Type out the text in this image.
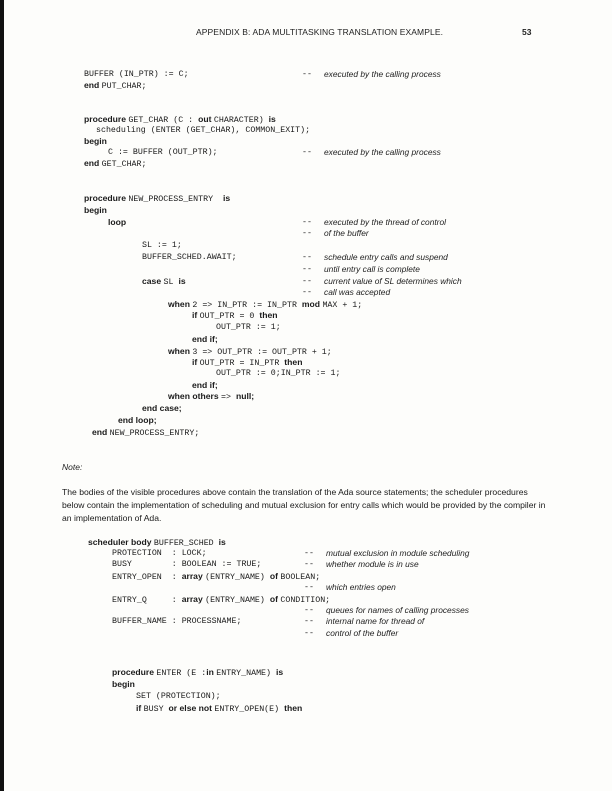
APPENDIX B: ADA MULTITASKING TRANSLATION EXAMPLE.	53
BUFFER (IN_PTR) := C;	-- executed by the calling process
end PUT_CHAR;
procedure GET_CHAR (C : out CHARACTER) is
scheduling (ENTER (GET_CHAR), COMMON_EXIT);
begin
C := BUFFER (OUT_PTR);	-- executed by the calling process
end GET_CHAR;
procedure NEW_PROCESS_ENTRY  is
begin
loop	-- executed by the thread of control
-- of the buffer
SL := 1;
BUFFER_SCHED.AWAIT;	-- schedule entry calls and suspend
-- until entry call is complete
case SL is	-- current value of SL determines which
-- call was accepted
when 2 => IN_PTR := IN_PTR mod MAX + 1;
if OUT_PTR = 0 then
OUT_PTR := 1;
end if;
when 3 => OUT_PTR := OUT_PTR + 1;
if OUT_PTR = IN_PTR then
OUT_PTR := 0;IN_PTR := 1;
end if;
when others => null;
end case;
end loop;
end NEW_PROCESS_ENTRY;
Note:
The bodies of the visible procedures above contain the translation of the Ada source statements; the scheduler procedures below contain the implementation of scheduling and mutual exclusion for entry calls which would be provided by the compiler in an implementation of Ada.
scheduler body BUFFER_SCHED is
PROTECTION  : LOCK;	-- mutual exclusion in module scheduling
BUSY        : BOOLEAN := TRUE;	-- whether module is in use
ENTRY_OPEN  : array (ENTRY_NAME) of BOOLEAN;
-- which entries open
ENTRY_Q     : array (ENTRY_NAME) of CONDITION;
-- queues for names of calling processes
BUFFER_NAME : PROCESSNAME;	-- internal name for thread of
-- control of the buffer
procedure ENTER (E :in ENTRY_NAME) is
begin
SET (PROTECTION);
if BUSY or else not ENTRY_OPEN(E) then
